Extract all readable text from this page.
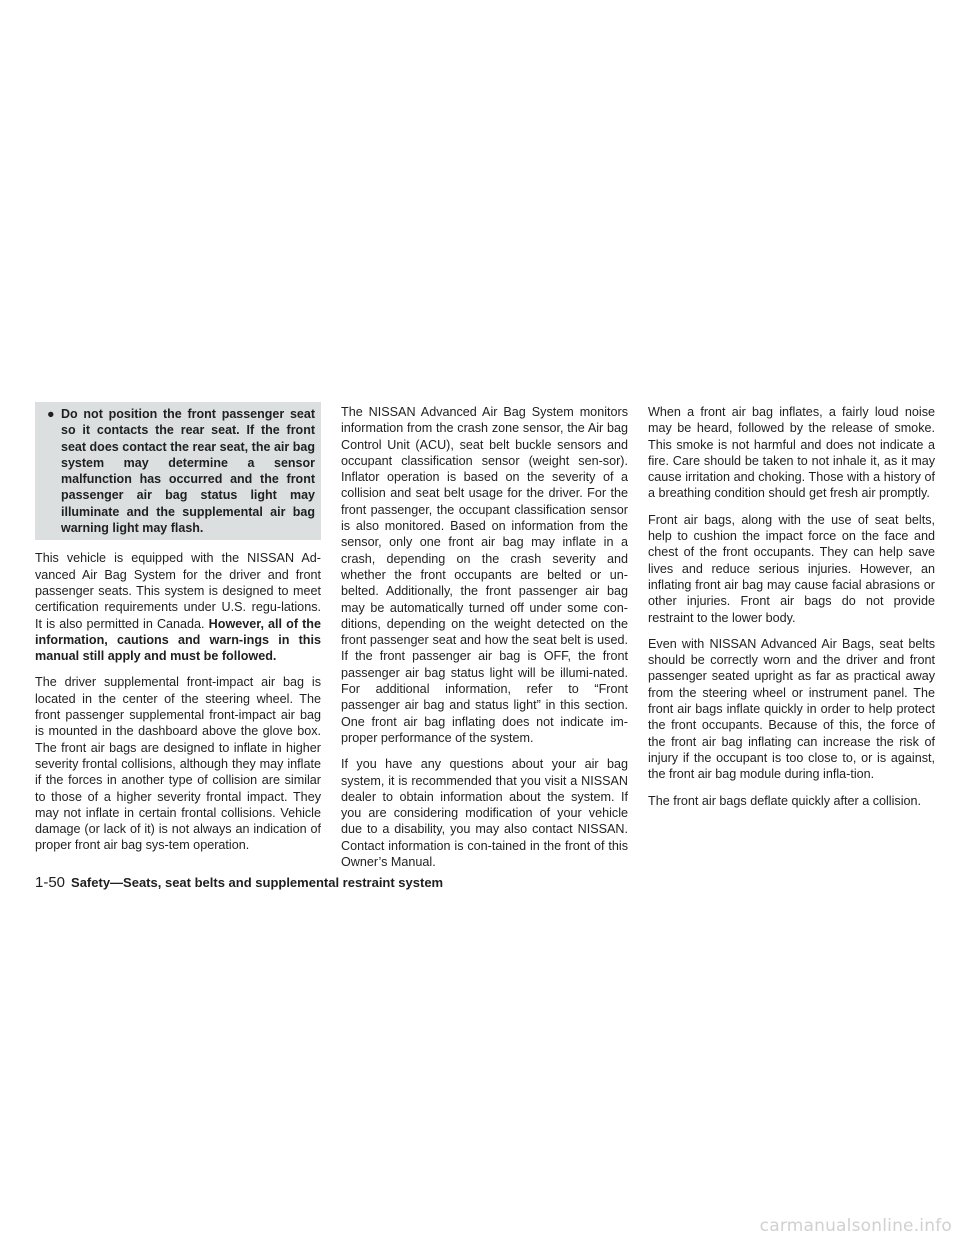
● Do not position the front passenger seat so it contacts the rear seat. If the front seat does contact the rear seat, the air bag system may determine a sensor malfunction has occurred and the front passenger air bag status light may illuminate and the supplemental air bag warning light may flash.

This vehicle is equipped with the NISSAN Ad-vanced Air Bag System for the driver and front passenger seats. This system is designed to meet certification requirements under U.S. regu-lations. It is also permitted in Canada. However, all of the information, cautions and warn-ings in this manual still apply and must be followed.

The driver supplemental front-impact air bag is located in the center of the steering wheel. The front passenger supplemental front-impact air bag is mounted in the dashboard above the glove box. The front air bags are designed to inflate in higher severity frontal collisions, although they may inflate if the forces in another type of collision are similar to those of a higher severity frontal impact. They may not inflate in certain frontal collisions. Vehicle damage (or lack of it) is not always an indication of proper front air bag sys-tem operation.

The NISSAN Advanced Air Bag System monitors information from the crash zone sensor, the Air bag Control Unit (ACU), seat belt buckle sensors and occupant classification sensor (weight sen-sor). Inflator operation is based on the severity of a collision and seat belt usage for the driver. For the front passenger, the occupant classification sensor is also monitored. Based on information from the sensor, only one front air bag may inflate in a crash, depending on the crash severity and whether the front occupants are belted or un-belted. Additionally, the front passenger air bag may be automatically turned off under some con-ditions, depending on the weight detected on the front passenger seat and how the seat belt is used. If the front passenger air bag is OFF, the front passenger air bag status light will be illumi-nated. For additional information, refer to “Front passenger air bag and status light” in this section. One front air bag inflating does not indicate im-proper performance of the system.

If you have any questions about your air bag system, it is recommended that you visit a NISSAN dealer to obtain information about the system. If you are considering modification of your vehicle due to a disability, you may also contact NISSAN. Contact information is con-tained in the front of this Owner’s Manual.

When a front air bag inflates, a fairly loud noise may be heard, followed by the release of smoke. This smoke is not harmful and does not indicate a fire. Care should be taken to not inhale it, as it may cause irritation and choking. Those with a history of a breathing condition should get fresh air promptly.

Front air bags, along with the use of seat belts, help to cushion the impact force on the face and chest of the front occupants. They can help save lives and reduce serious injuries. However, an inflating front air bag may cause facial abrasions or other injuries. Front air bags do not provide restraint to the lower body.

Even with NISSAN Advanced Air Bags, seat belts should be correctly worn and the driver and front passenger seated upright as far as practical away from the steering wheel or instrument panel. The front air bags inflate quickly in order to help protect the front occupants. Because of this, the force of the front air bag inflating can increase the risk of injury if the occupant is too close to, or is against, the front air bag module during infla-tion.

The front air bags deflate quickly after a collision.

1-50 Safety—Seats, seat belts and supplemental restraint system
carmanualsonline.info
